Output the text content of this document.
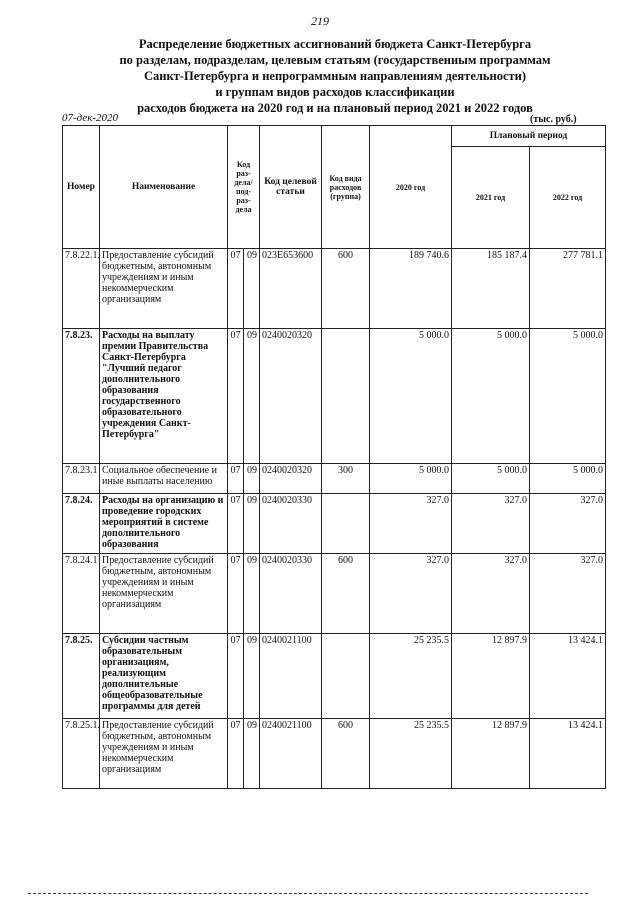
219
Распределение бюджетных ассигнований бюджета Санкт-Петербурга
по разделам, подразделам, целевым статьям (государственным программам
Санкт-Петербурга и непрограммным направлениям деятельности)
и группам видов расходов классификации
расходов бюджета на 2020 год и на плановый период 2021 и 2022 годов
07-дек-2020	(тыс. руб.)
Номер	Наименование	Код раз-дела/ под-раз-дела		Код целевой статьи	Код вида расходов (группа)	2020 год	Плановый период	
							2021 год	2022 год
7.8.22.1.	Предоставление субсидий бюджетным, автономным учреждениям и иным некоммерческим организациям	07	09	023Е653600	600	189 740.6	185 187.4	277 781.1
7.8.23.	Расходы на выплату премии Правительства Санкт-Петербурга "Лучший педагог дополнительного образования государственного образовательного учреждения Санкт-Петербурга"	07	09	0240020320		5 000.0	5 000.0	5 000.0
7.8.23.1	Социальное обеспечение и иные выплаты населению	07	09	0240020320	300	5 000.0	5 000.0	5 000.0
7.8.24.	Расходы на организацию и проведение городских мероприятий в системе дополнительного образования	07	09	0240020330		327.0	327.0	327.0
7.8.24.1	Предоставление субсидий бюджетным, автономным учреждениям и иным некоммерческим организациям	07	09	0240020330	600	327.0	327.0	327.0
7.8.25.	Субсидии частным образовательным организациям, реализующим дополнительные общеобразовательные программы для детей	07	09	0240021100		25 235.5	12 897.9	13 424.1
7.8.25.1.	Предоставление субсидий бюджетным, автономным учреждениям и иным некоммерческим организациям	07	09	0240021100	600	25 235.5	12 897.9	13 424.1
